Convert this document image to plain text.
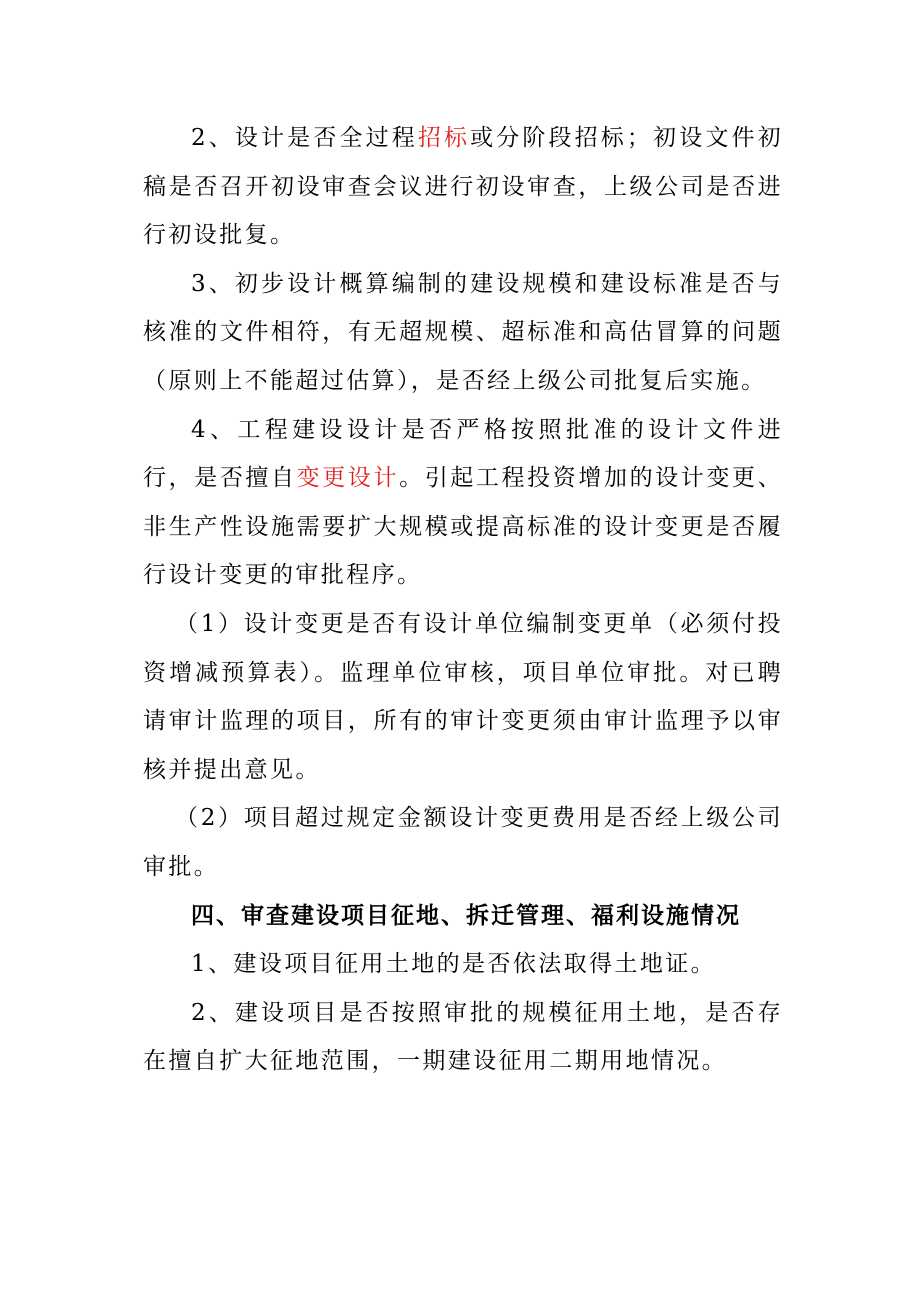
2、设计是否全过程招标或分阶段招标；初设文件初稿是否召开初设审查会议进行初设审查，上级公司是否进行初设批复。

3、初步设计概算编制的建设规模和建设标准是否与核准的文件相符，有无超规模、超标准和高估冒算的问题（原则上不能超过估算），是否经上级公司批复后实施。

4、工程建设设计是否严格按照批准的设计文件进行，是否擅自变更设计。引起工程投资增加的设计变更、非生产性设施需要扩大规模或提高标准的设计变更是否履行设计变更的审批程序。

（1）设计变更是否有设计单位编制变更单（必须付投资增减预算表）。监理单位审核，项目单位审批。对已聘请审计监理的项目，所有的审计变更须由审计监理予以审核并提出意见。

（2）项目超过规定金额设计变更费用是否经上级公司审批。

四、审查建设项目征地、拆迁管理、福利设施情况

1、建设项目征用土地的是否依法取得土地证。

2、建设项目是否按照审批的规模征用土地，是否存在擅自扩大征地范围，一期建设征用二期用地情况。
